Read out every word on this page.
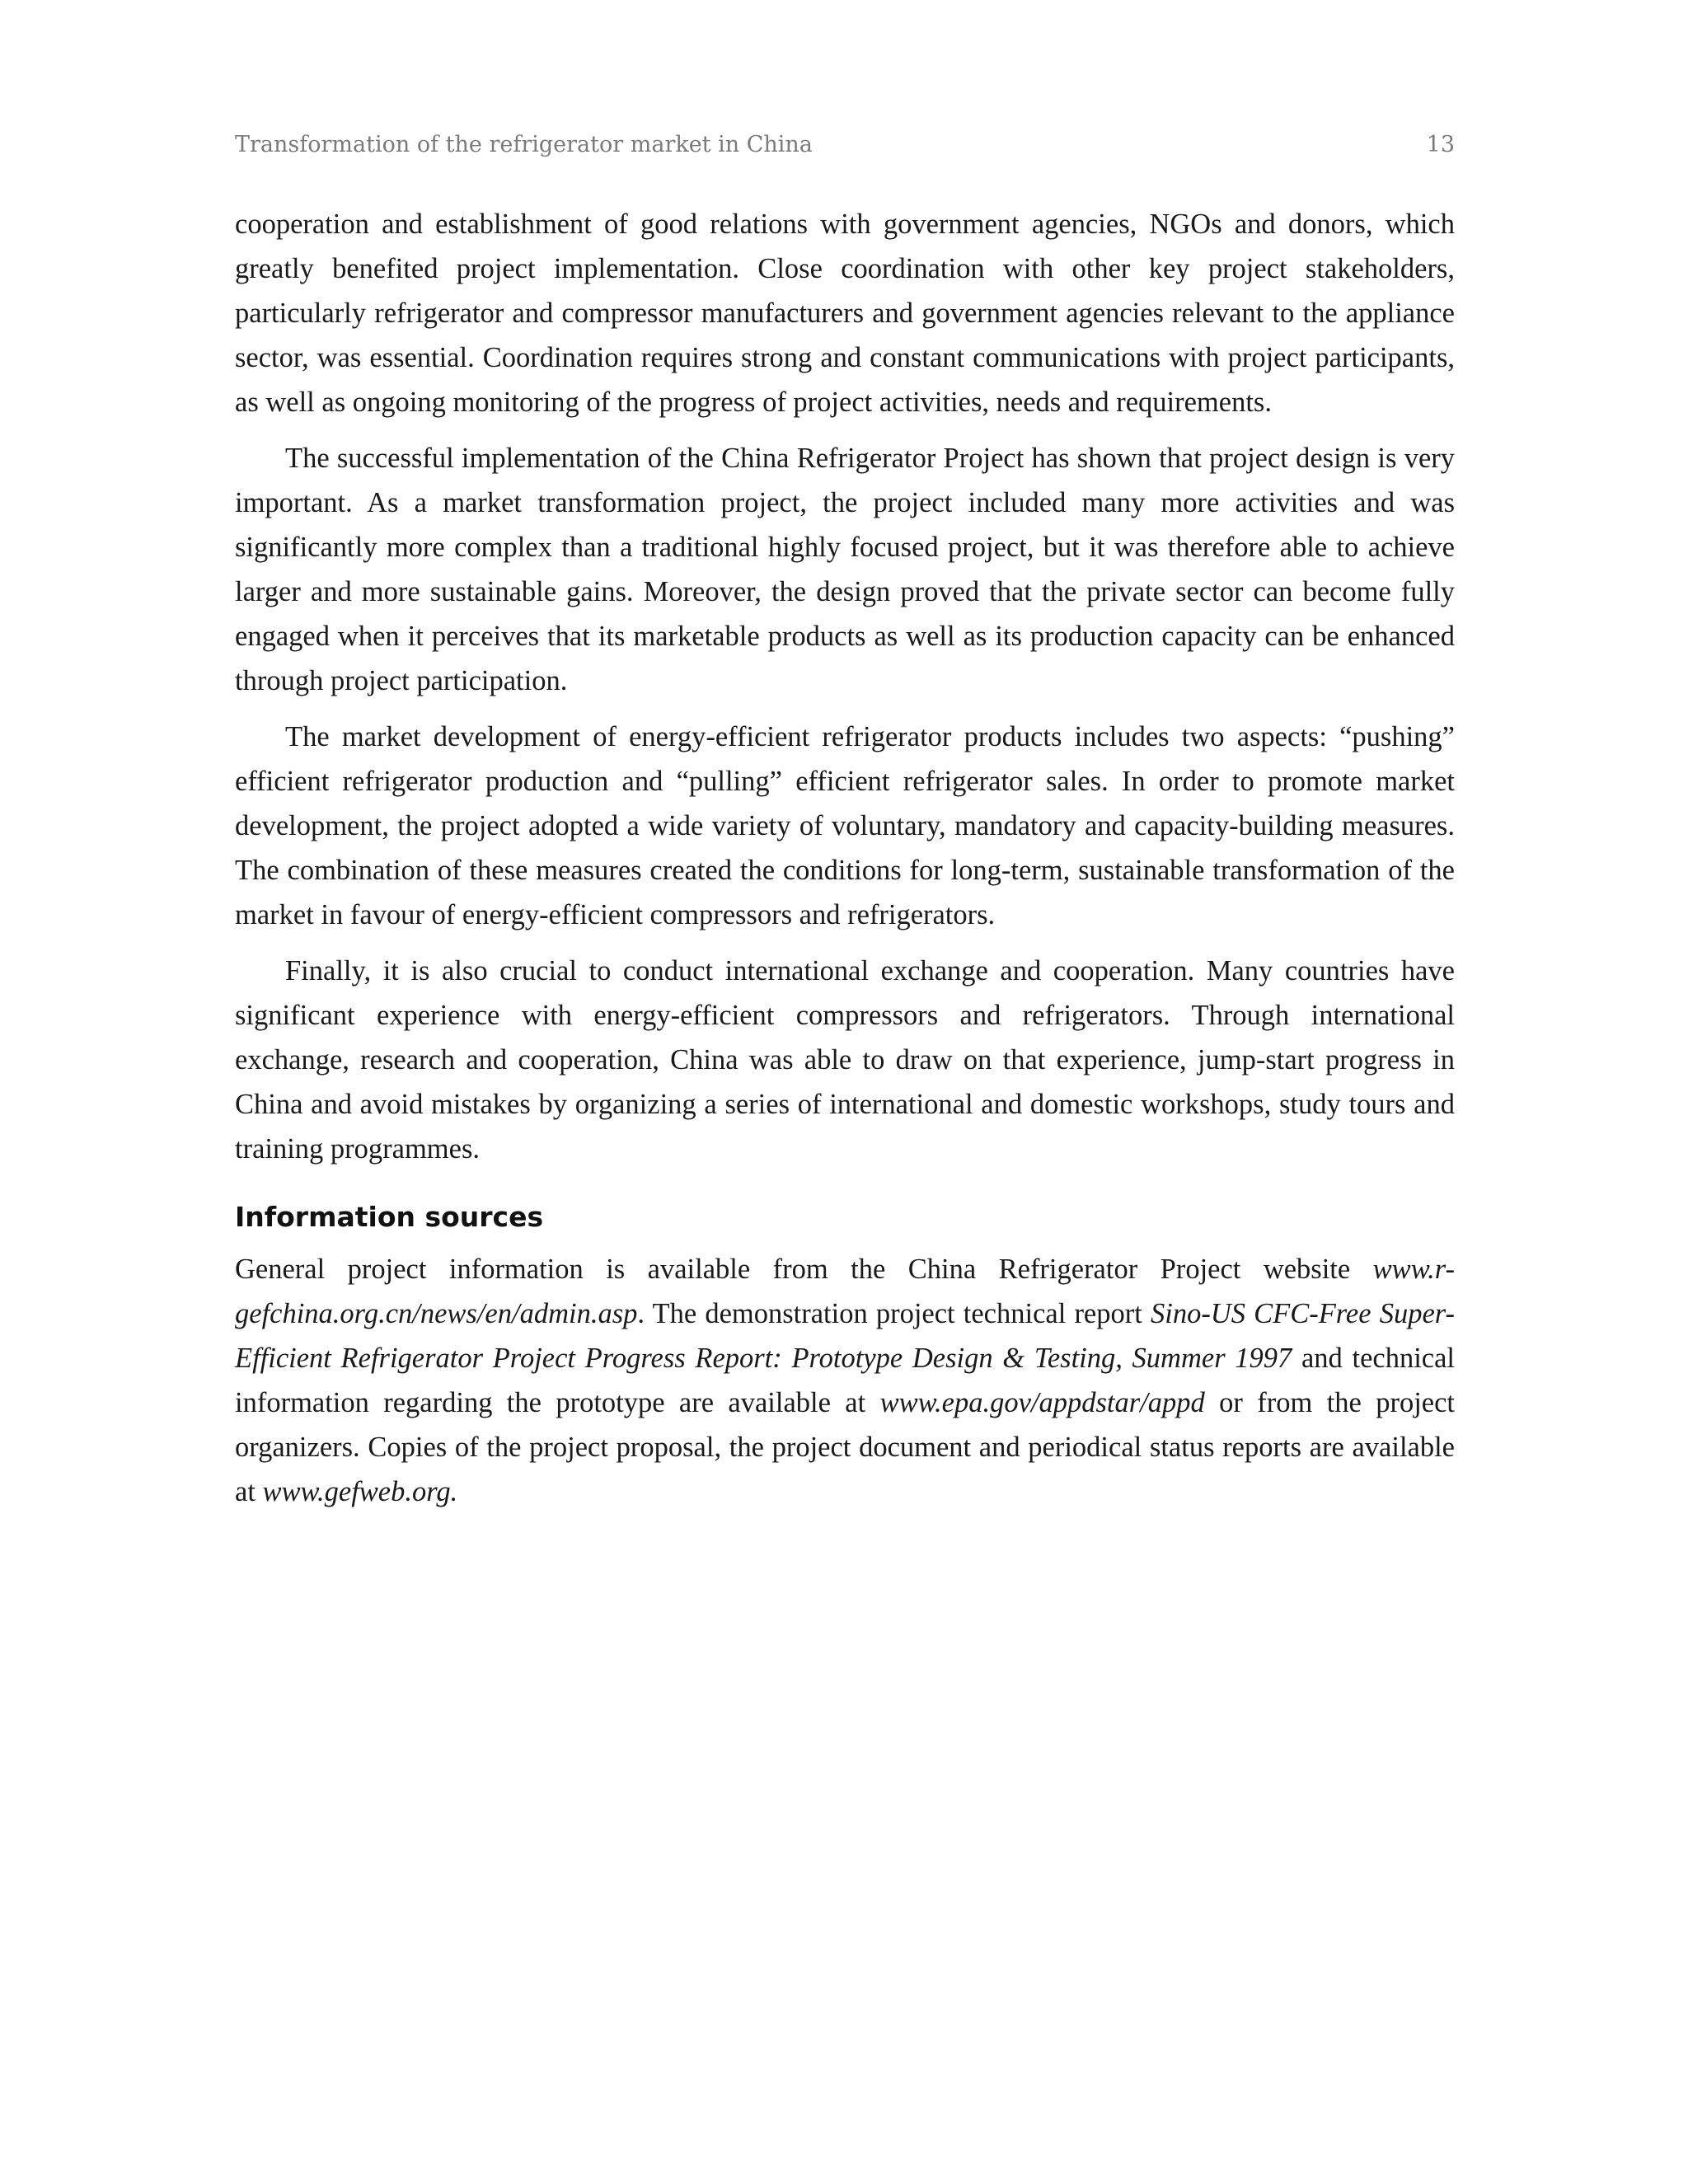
Transformation of the refrigerator market in China	13

cooperation and establishment of good relations with government agencies, NGOs and donors, which greatly benefited project implementation. Close coordination with other key project stakeholders, particularly refrigerator and compressor manufacturers and government agencies relevant to the appliance sector, was essential. Coordination requires strong and constant communications with project participants, as well as ongoing monitoring of the progress of project activities, needs and requirements.

The successful implementation of the China Refrigerator Project has shown that project design is very important. As a market transformation project, the project included many more activities and was significantly more complex than a traditional highly focused project, but it was therefore able to achieve larger and more sustainable gains. Moreover, the design proved that the private sector can become fully engaged when it perceives that its marketable products as well as its production capacity can be enhanced through project participation.

The market development of energy-efficient refrigerator products includes two aspects: “pushing” efficient refrigerator production and “pulling” efficient refrigerator sales. In order to promote market development, the project adopted a wide variety of voluntary, mandatory and capacity-building measures. The combination of these measures created the conditions for long-term, sustainable transformation of the market in favour of energy-efficient compressors and refrigerators.

Finally, it is also crucial to conduct international exchange and cooperation. Many countries have significant experience with energy-efficient compressors and refrigerators. Through international exchange, research and cooperation, China was able to draw on that experience, jump-start progress in China and avoid mistakes by organizing a series of international and domestic workshops, study tours and training programmes.

Information sources

General project information is available from the China Refrigerator Project website www.r-gefchina.org.cn/news/​en/admin.asp. The demonstration project technical report Sino-US CFC-Free Super-Efficient Refrigerator Project Progress Report: Prototype Design & Testing, Summer 1997 and technical information regarding the prototype are available at www.epa.gov/appdstar/appd or from the project organizers. Copies of the project proposal, the project document and periodical status reports are available at www.gefweb.org.
